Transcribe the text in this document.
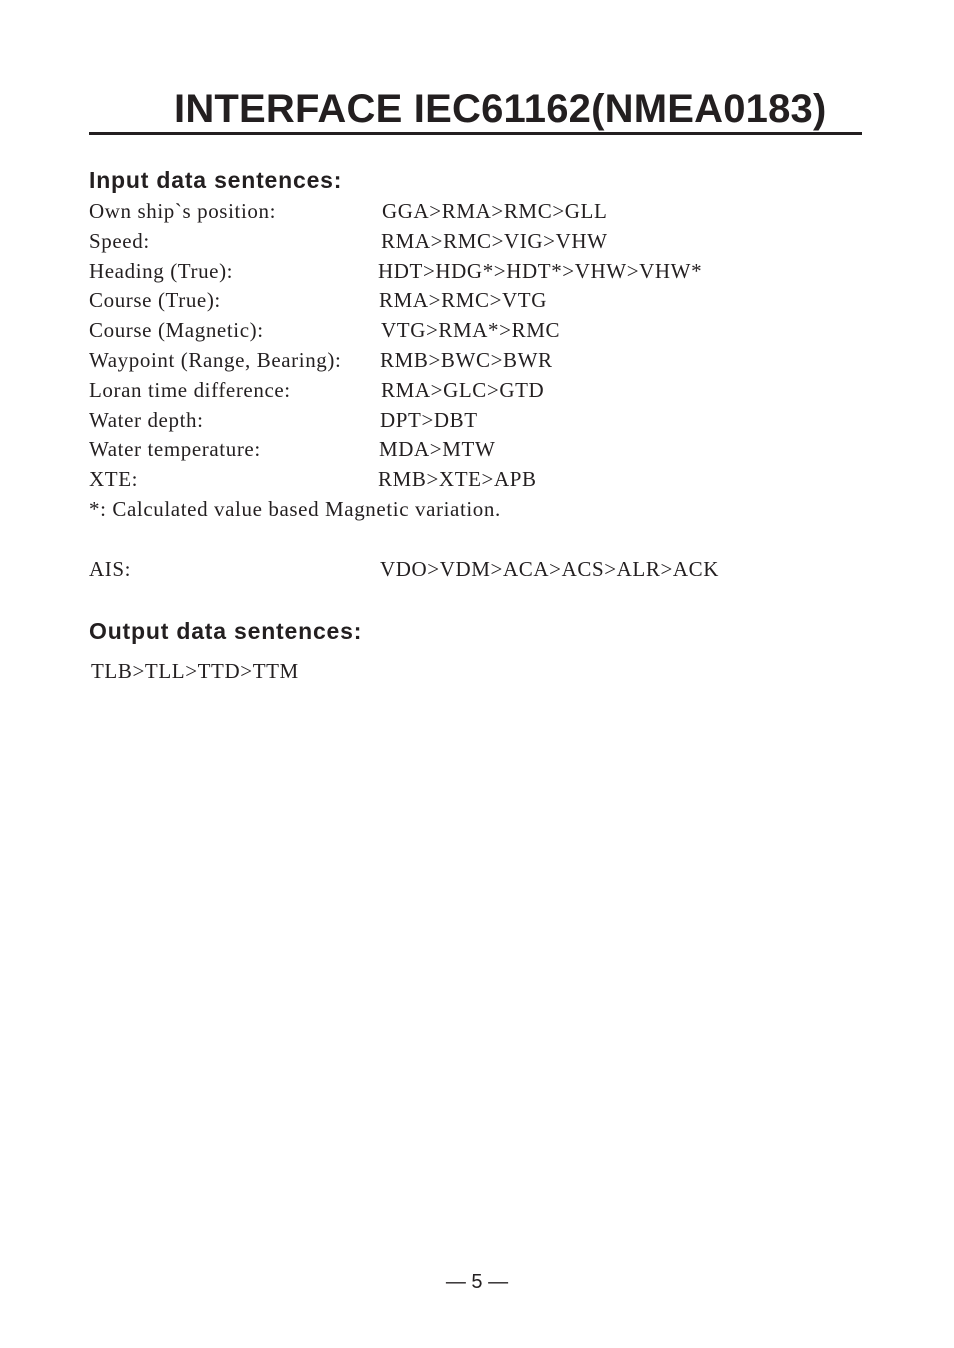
INTERFACE IEC61162(NMEA0183)
Input data sentences:
Own ship`s position:	GGA>RMA>RMC>GLL
Speed:	RMA>RMC>VIG>VHW
Heading (True):	HDT>HDG*>HDT*>VHW>VHW*
Course (True):	RMA>RMC>VTG
Course (Magnetic):	VTG>RMA*>RMC
Waypoint (Range, Bearing): RMB>BWC>BWR
Loran time difference:	RMA>GLC>GTD
Water depth:	DPT>DBT
Water temperature:	MDA>MTW
XTE:	RMB>XTE>APB
*: Calculated value based Magnetic variation.
AIS:	VDO>VDM>ACA>ACS>ALR>ACK
Output data sentences:
TLB>TLL>TTD>TTM
— 5 —
